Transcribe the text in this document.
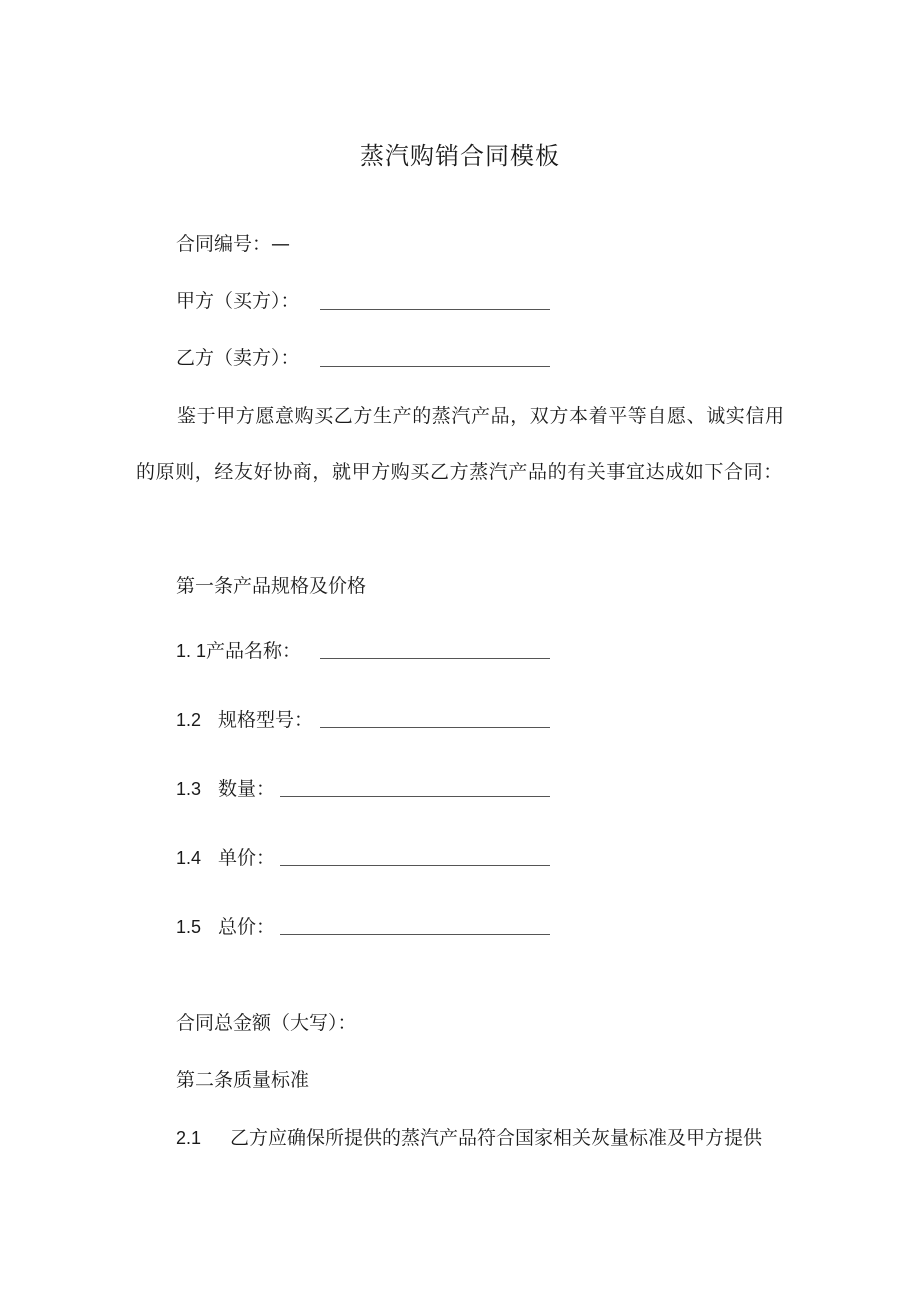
蒸汽购销合同模板
合同编号：—
甲方（买方）：
乙方（卖方）：
鉴于甲方愿意购买乙方生产的蒸汽产品，双方本着平等自愿、诚实信用的原则，经友好协商，就甲方购买乙方蒸汽产品的有关事宜达成如下合同：
第一条产品规格及价格
1. 1产品名称：
1.2 规格型号：
1.3 数量：
1.4 单价：
1.5 总价：
合同总金额（大写）：
第二条质量标准
2.1 乙方应确保所提供的蒸汽产品符合国家相关灰量标准及甲方提供
